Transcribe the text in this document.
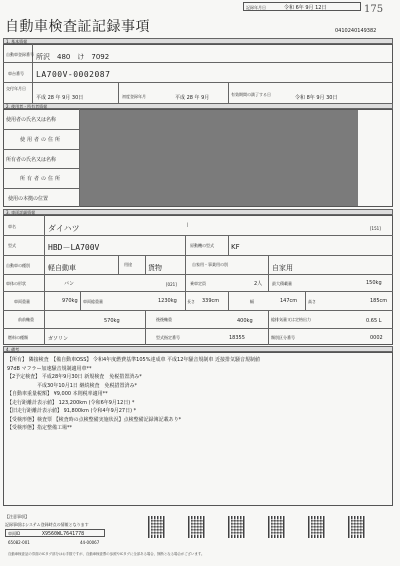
自動車検査証記録事項
記録年月日	令和 6年 9月 12日	175
0410240149382
1. 基本情報
自動車登録番号 所沢　480　け　7092
車台番号 LA700V-0002087
交付年月日
平成 28 年 9月 30日	初度登録年月	平成 28 年 9月
有効期間の満了する日
令和 8年 9月 30日
2. 使用者・所有者情報
使用者の氏名又は名称
使用者の住所
所有者の氏名又は名称
所有者の住所
使用の本拠の位置
3. 車両詳細情報
車名	ダイハツ	|
[151]
型式	HBD－LA700V	原動機の型式 KF
自動車の種別	軽自動車	用途 貨物	自家用・事業用の別	自家用
車体の形状	バン	[021]	乗車定員	2人 最大積載量	150kg
車両重量	970kg 車両総重量	1230kg	長さ 339cm	幅	147cm	高さ	185cm
前前軸重	570kg	後後軸重	400kg	総排気量又は定格出力	0.65 L
燃料の種類	ガソリン	型式指定番号	18355	類別区分番号	0002
4. 備考
【所有】 隣接検査　【備自動車OSS】 令和4年度燃費基準105%達成車 平成12年騒音規制車 近接排気騒音規制値
97dB マフラー加速騒音規制適用車**
【2予定検査】 平成28年9月30日 新規検査　免税措置済み*
　　　　　　平成30年10月1日 継続検査　免税措置済み*
【自動車重量税額】 ¥9,000 本則税率適用**
【走行距離計表示値】 123,200km (令和6年9月12日) *
【旧走行距離計表示値】 91,800km (令和4年9月27日) *
【受検形態】検査票 【検査時の点検整備実施状況】点検整備記録簿記載あり*
【受検形態】指定整備工場**
【注意事項】
記録事項はシステム登録時点の情報となります
車両ID	X9560WL7641778
65082-001	44-00067
自動車検査証の券面のICタグ部分はお手数ですが、自動車検査票の参照やICタグに全部ある場合、無断となる場合がございます。
